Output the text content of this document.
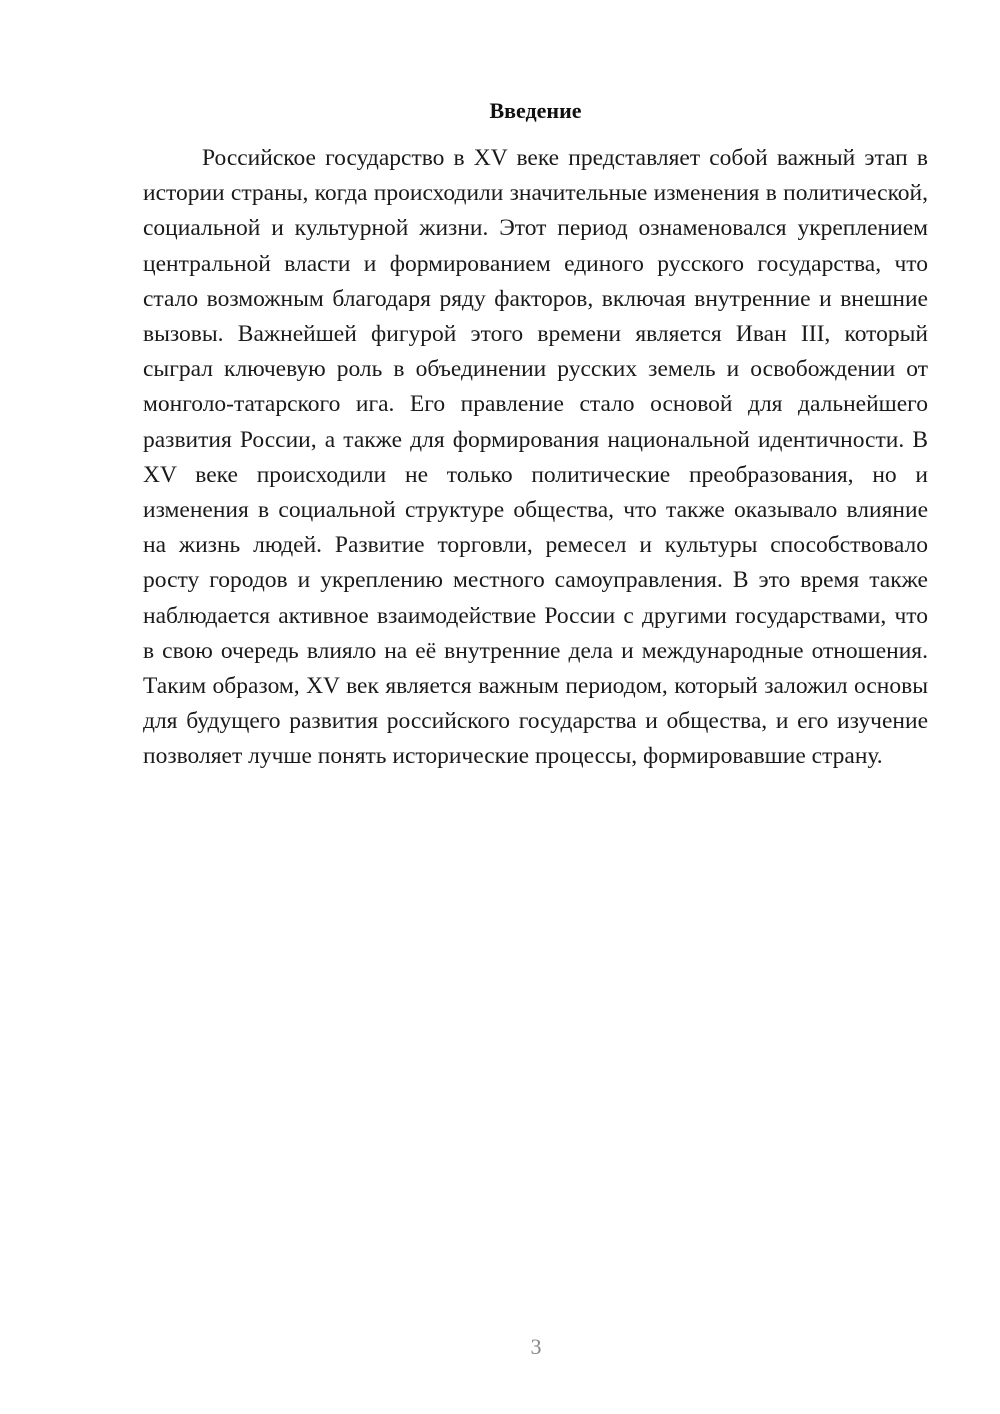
Введение

Российское государство в XV веке представляет собой важный этап в истории страны, когда происходили значительные изменения в политической, социальной и культурной жизни. Этот период ознаменовался укреплением центральной власти и формированием единого русского государства, что стало возможным благодаря ряду факторов, включая внутренние и внешние вызовы. Важнейшей фигурой этого времени является Иван III, который сыграл ключевую роль в объединении русских земель и освобождении от монголо-татарского ига. Его правление стало основой для дальнейшего развития России, а также для формирования национальной идентичности. В XV веке происходили не только политические преобразования, но и изменения в социальной структуре общества, что также оказывало влияние на жизнь людей. Развитие торговли, ремесел и культуры способствовало росту городов и укреплению местного самоуправления. В это время также наблюдается активное взаимодействие России с другими государствами, что в свою очередь влияло на её внутренние дела и международные отношения. Таким образом, XV век является важным периодом, который заложил основы для будущего развития российского государства и общества, и его изучение позволяет лучше понять исторические процессы, формировавшие страну.

3
